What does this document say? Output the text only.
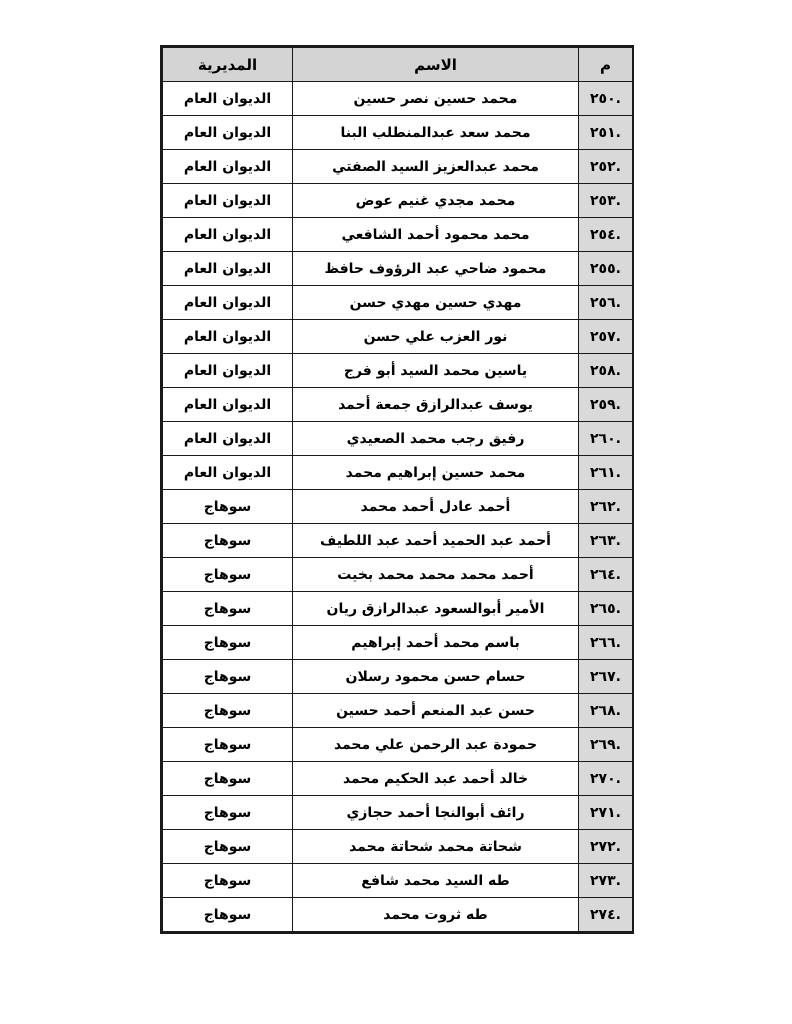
م	الاسم	المديرية
.٢٥٠	محمد حسين نصر حسين	الديوان العام
.٢٥١	محمد سعد عبدالمنطلب البنا	الديوان العام
.٢٥٢	محمد عبدالعزيز السيد الصفتي	الديوان العام
.٢٥٣	محمد مجدي غنيم عوض	الديوان العام
.٢٥٤	محمد محمود أحمد الشافعي	الديوان العام
.٢٥٥	محمود ضاحي عبد الرؤوف حافظ	الديوان العام
.٢٥٦	مهدي حسين مهدي حسن	الديوان العام
.٢٥٧	نور العزب علي حسن	الديوان العام
.٢٥٨	ياسين محمد السيد أبو فرج	الديوان العام
.٢٥٩	يوسف عبدالرازق جمعة أحمد	الديوان العام
.٢٦٠	رفيق رجب محمد الصعيدي	الديوان العام
.٢٦١	محمد حسين إبراهيم محمد	الديوان العام
.٢٦٢	أحمد عادل أحمد محمد	سوهاج
.٢٦٣	أحمد عبد الحميد أحمد عبد اللطيف	سوهاج
.٢٦٤	أحمد محمد محمد محمد بخيت	سوهاج
.٢٦٥	الأمير أبوالسعود عبدالرازق ريان	سوهاج
.٢٦٦	باسم محمد أحمد إبراهيم	سوهاج
.٢٦٧	حسام حسن محمود رسلان	سوهاج
.٢٦٨	حسن عبد المنعم أحمد حسين	سوهاج
.٢٦٩	حمودة عبد الرحمن علي محمد	سوهاج
.٢٧٠	خالد أحمد عبد الحكيم محمد	سوهاج
.٢٧١	رائف أبوالنجا أحمد حجازي	سوهاج
.٢٧٢	شحاتة محمد شحاتة محمد	سوهاج
.٢٧٣	طه السيد محمد شافع	سوهاج
.٢٧٤	طه ثروت محمد	سوهاج
